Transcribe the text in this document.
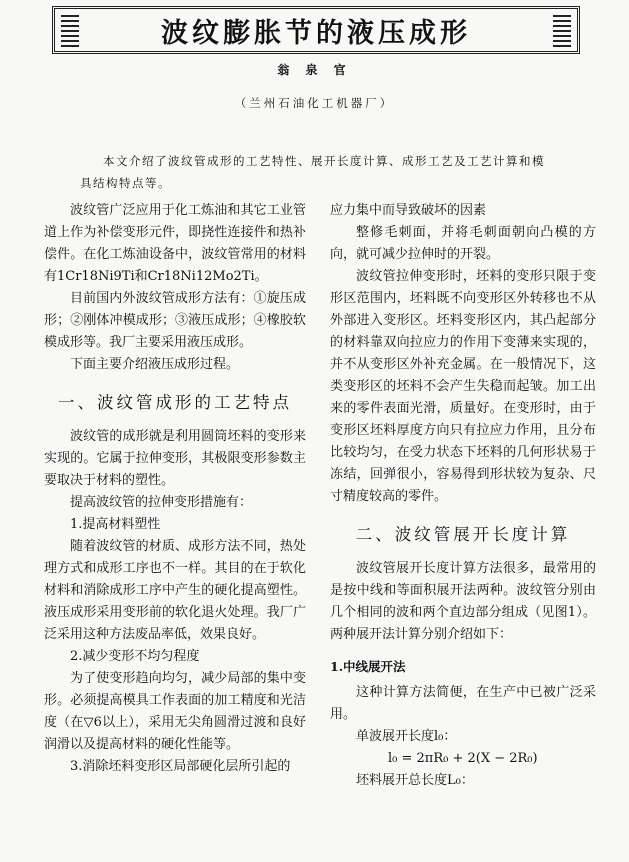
波纹膨胀节的液压成形
翁 泉 官
（兰州石油化工机器厂）
本文介绍了波纹管成形的工艺特性、展开长度计算、成形工艺及工艺计算和模具结构特点等。

波纹管广泛应用于化工炼油和其它工业管道上作为补偿变形元件，即挠性连接件和热补偿件。在化工炼油设备中，波纹管常用的材料有1Cr18Ni9Ti和Cr18Ni12Mo2Ti。

目前国内外波纹管成形方法有：①旋压成形；②刚体冲模成形；③液压成形；④橡胶软模成形等。我厂主要采用液压成形。

下面主要介绍液压成形过程。

一、波纹管成形的工艺特点

波纹管的成形就是利用圆筒坯料的变形来实现的。它属于拉伸变形，其极限变形参数主要取决于材料的塑性。

提高波纹管的拉伸变形措施有：

1.提高材料塑性

随着波纹管的材质、成形方法不同，热处理方式和成形工序也不一样。其目的在于软化材料和消除成形工序中产生的硬化提高塑性。液压成形采用变形前的软化退火处理。我厂广泛采用这种方法废品率低，效果良好。

2.减少变形不均匀程度

为了使变形趋向均匀，减少局部的集中变形。必须提高模具工作表面的加工精度和光洁度（在▽6以上），采用无尖角圆滑过渡和良好润滑以及提高材料的硬化性能等。

3.消除坯料变形区局部硬化层所引起的

应力集中而导致破坏的因素

整修毛刺面，并将毛刺面朝向凸模的方向，就可减少拉伸时的开裂。

波纹管拉伸变形时，坯料的变形只限于变形区范围内，坯料既不向变形区外转移也不从外部进入变形区。坯料变形区内，其凸起部分的材料靠双向拉应力的作用下变薄来实现的，并不从变形区外补充金属。在一般情况下，这类变形区的坯料不会产生失稳而起皱。加工出来的零件表面光滑，质量好。在变形时，由于变形区坯料厚度方向只有拉应力作用，且分布比较均匀，在受力状态下坯料的几何形状易于冻结，回弹很小，容易得到形状较为复杂、尺寸精度较高的零件。

二、波纹管展开长度计算

波纹管展开长度计算方法很多，最常用的是按中线和等面积展开法两种。波纹管分别由几个相同的波和两个直边部分组成（见图1）。两种展开法计算分别介绍如下：

1.中线展开法

这种计算方法简便，在生产中已被广泛采用。

单波展开长度l₀：

l₀ = 2πR₀ + 2(X − 2R₀)

坯料展开总长度L₀：
